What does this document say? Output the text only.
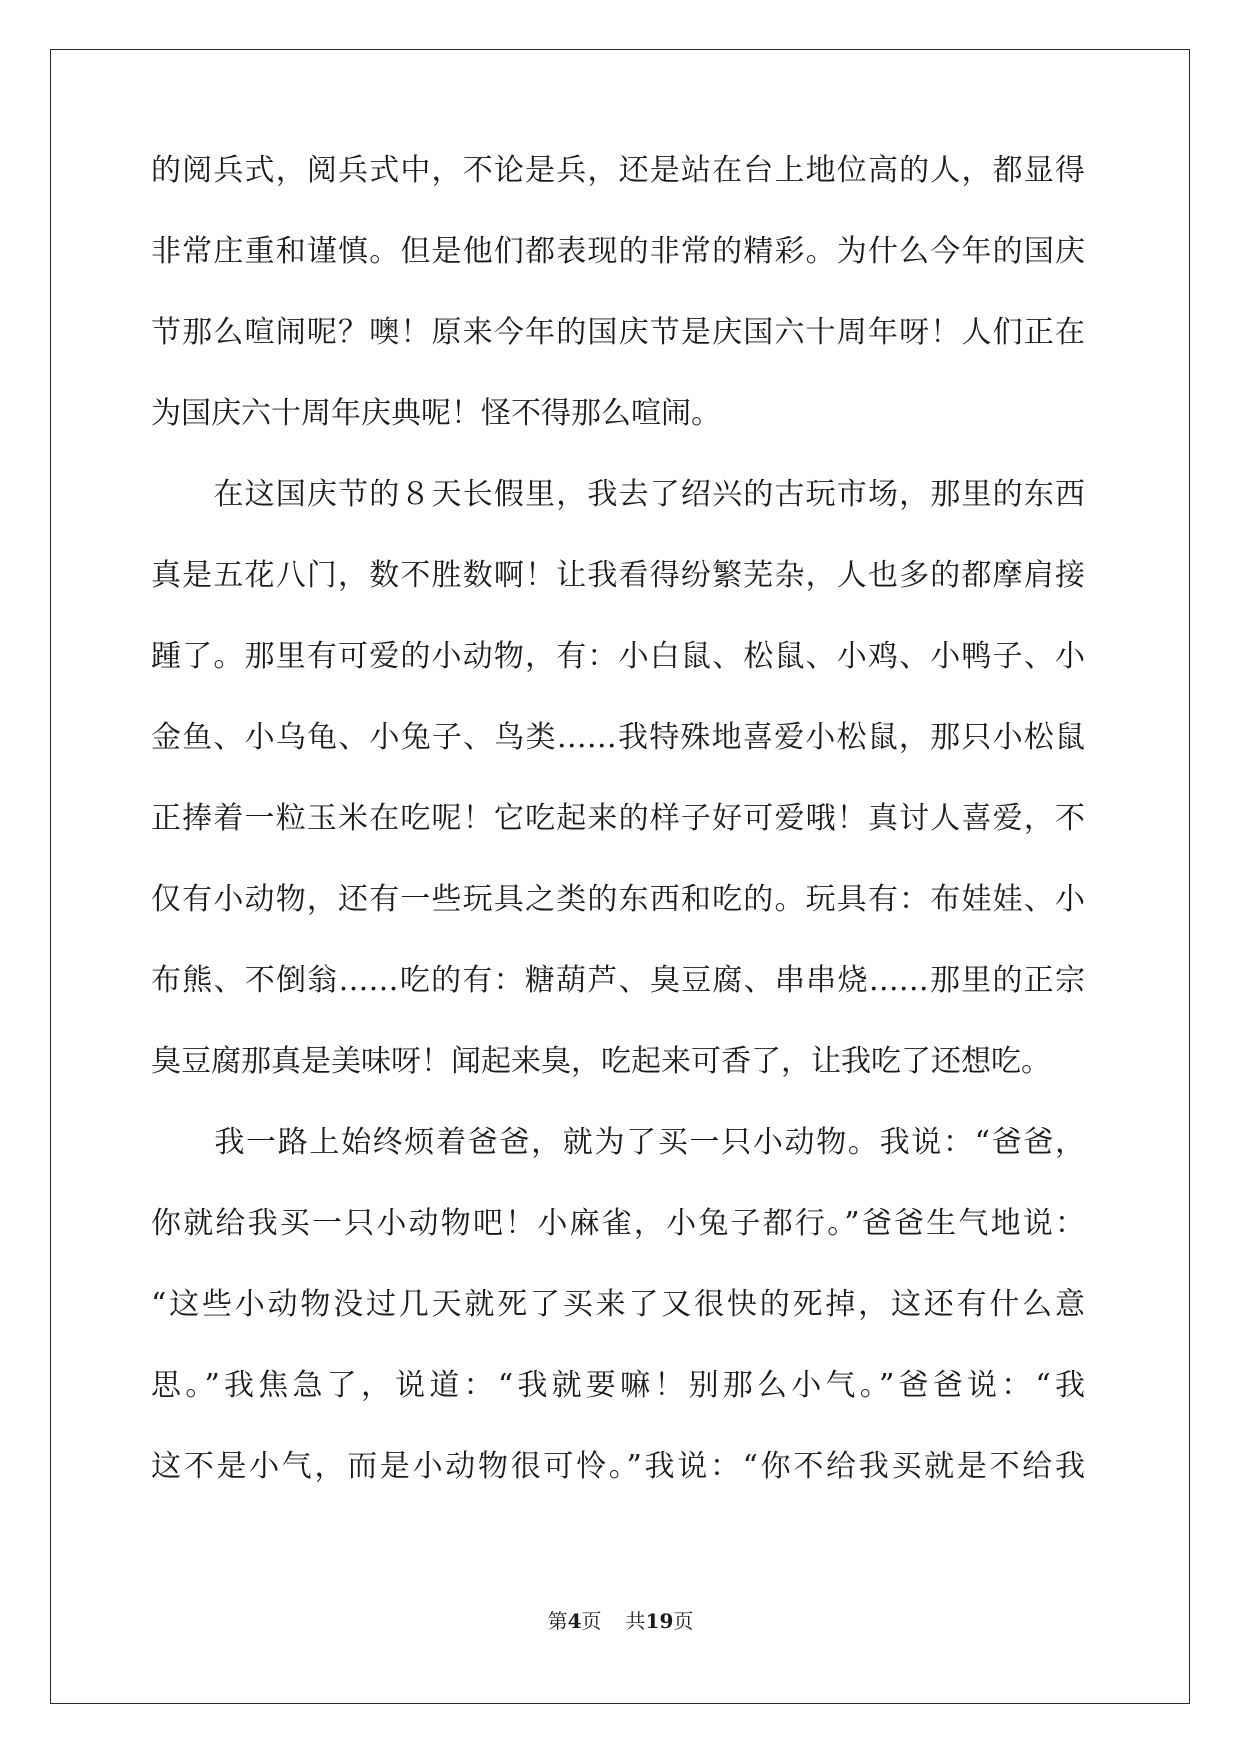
的阅兵式，阅兵式中，不论是兵，还是站在台上地位高的人，都显得
非常庄重和谨慎。但是他们都表现的非常的精彩。为什么今年的国庆
节那么喧闹呢？噢！原来今年的国庆节是庆国六十周年呀！人们正在
为国庆六十周年庆典呢！怪不得那么喧闹。
　　在这国庆节的８天长假里，我去了绍兴的古玩市场，那里的东西
真是五花八门，数不胜数啊！让我看得纷繁芜杂，人也多的都摩肩接
踵了。那里有可爱的小动物，有：小白鼠、松鼠、小鸡、小鸭子、小
金鱼、小乌龟、小兔子、鸟类……我特殊地喜爱小松鼠，那只小松鼠
正捧着一粒玉米在吃呢！它吃起来的样子好可爱哦！真讨人喜爱，不
仅有小动物，还有一些玩具之类的东西和吃的。玩具有：布娃娃、小
布熊、不倒翁……吃的有：糖葫芦、臭豆腐、串串烧……那里的正宗
臭豆腐那真是美味呀！闻起来臭，吃起来可香了，让我吃了还想吃。
　　我一路上始终烦着爸爸，就为了买一只小动物。我说：“爸爸，
你就给我买一只小动物吧！小麻雀，小兔子都行。”爸爸生气地说：
“这些小动物没过几天就死了买来了又很快的死掉，这还有什么意
思。”我焦急了，说道：“我就要嘛！别那么小气。”爸爸说：“我
这不是小气，而是小动物很可怜。”我说：“你不给我买就是不给我
第4页 共19页
